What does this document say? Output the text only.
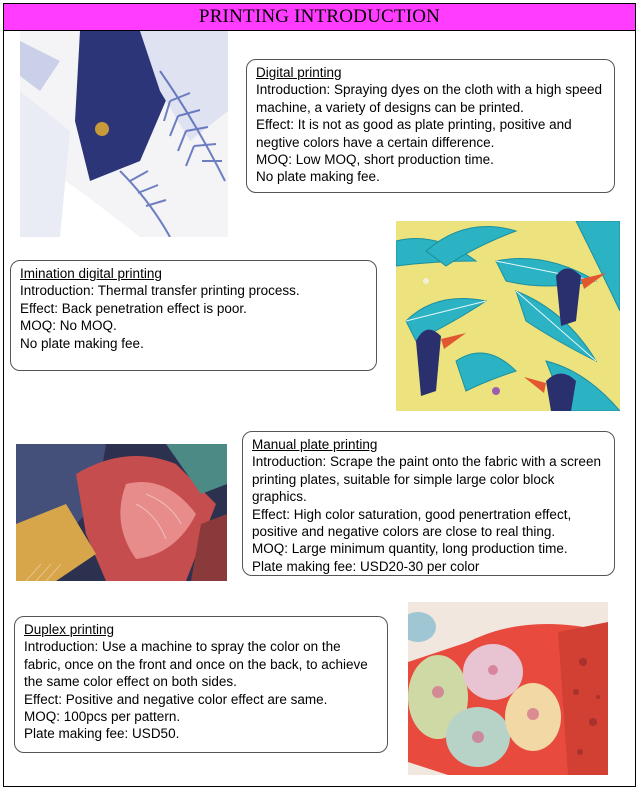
PRINTING INTRODUCTION
Digital printing
Introduction: Spraying dyes on the cloth with a high speed machine, a variety of designs can be printed.
Effect: It is not as good as plate printing, positive and negtive colors have a certain difference.
MOQ: Low MOQ, short production time.
No plate making fee.
Imination digital printing
Introduction: Thermal transfer printing process.
Effect: Back penetration effect is poor.
MOQ: No MOQ.
No plate making fee.
Manual plate printing
Introduction: Scrape the paint onto the fabric with a screen printing plates, suitable for simple large color block graphics.
Effect: High color saturation, good penertration effect, positive and negative colors are close to real thing.
MOQ: Large minimum quantity, long production time.
Plate making fee: USD20-30 per color
Duplex printing
Introduction: Use a machine to spray the color on the fabric, once on the front and once on the back, to achieve the same color effect on both sides.
Effect: Positive and negative color effect are same.
MOQ: 100pcs per pattern.
Plate making fee: USD50.
